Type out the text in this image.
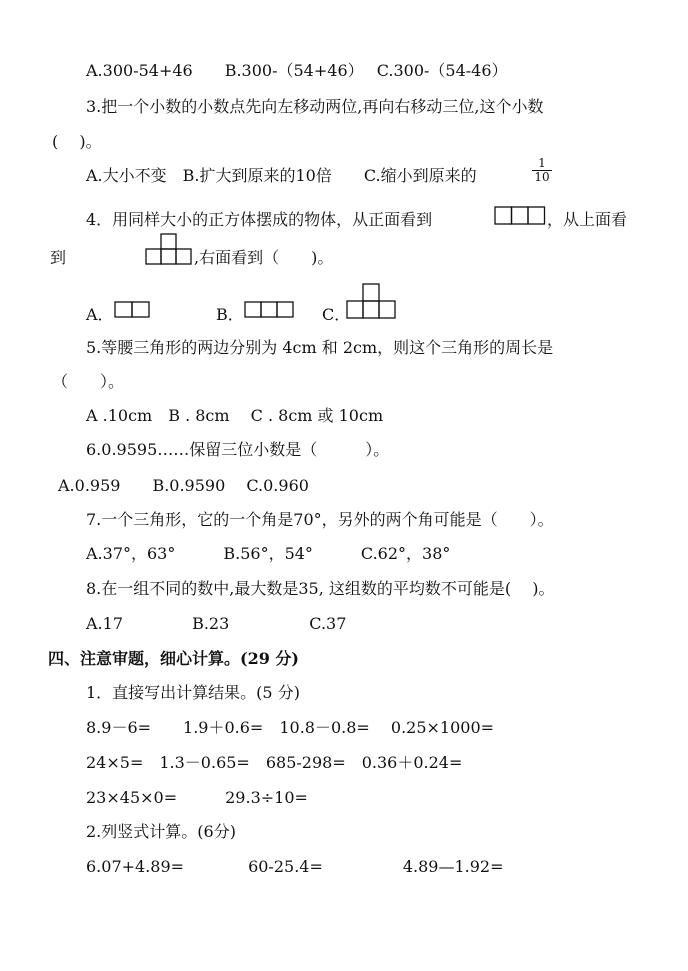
A.300-54+46　　B.300-（54+46）　 C.300-（54-46）
3.把一个小数的小数点先向左移动两位,再向右移动三位,这个小数
(　 )。
A.大小不变　B.扩大到原来的10倍　　C.缩小到原来的	$\frac{1}{10}$
4．用同样大小的正方体摆成的物体，从正面看到	，从上面看
到	,右面看到（　　)。
A．	B．	C．
5.等腰三角形的两边分别为 4cm 和 2cm，则这个三角形的周长是
（　　）。
A .10cm　B . 8cm　 C . 8cm 或 10cm
6.0.9595……保留三位小数是（　　　）。
A.0.959　　B.0.9590　 C.0.960
7.一个三角形，它的一个角是70°，另外的两个角可能是（　　）。
A.37°，63°　　　B.56°，54°　　　C.62°，38°
8.在一组不同的数中,最大数是35, 这组数的平均数不可能是(　 )。
A.17　　　　 B.23　　　　　C.37
四、注意审题，细心计算。(29 分)
1．直接写出计算结果。(5 分)
8.9－6=　　1.9＋0.6=　10.8－0.8=　 0.25×1000=
24×5=　1.3－0.65=　685-298=　0.36＋0.24=
23×45×0=　　　29.3÷10=
2.列竖式计算。(6分)
6.07+4.89=　　　　60-25.4=　　　　　4.89—1.92=
